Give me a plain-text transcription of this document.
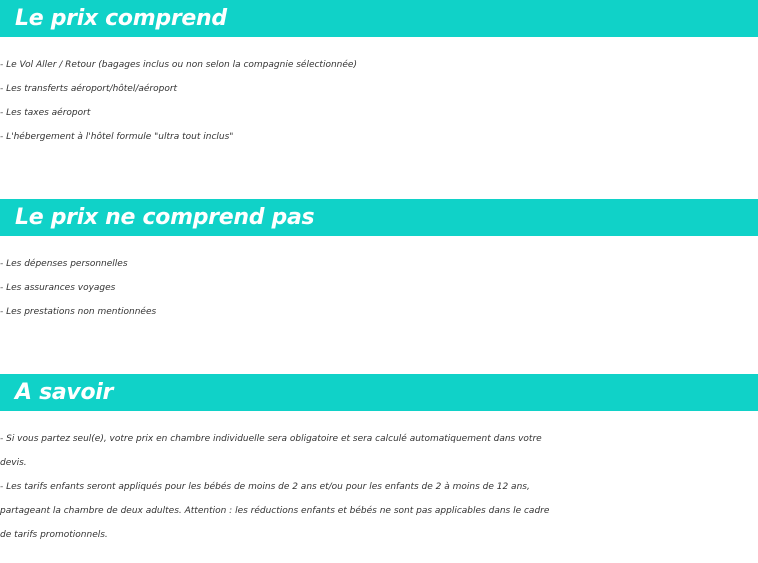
Le prix comprend
- Le Vol Aller / Retour (bagages inclus ou non selon la compagnie sélectionnée)
- Les transferts aéroport/hôtel/aéroport
- Les taxes aéroport
- L'hébergement à l'hôtel formule "ultra tout inclus"
Le prix ne comprend pas
- Les dépenses personnelles
- Les assurances voyages
- Les prestations non mentionnées
A savoir

- Si vous partez seul(e), votre prix en chambre individuelle sera obligatoire et sera calculé automatiquement dans votre
devis.

- Les tarifs enfants seront appliqués pour les bébés de moins de 2 ans et/ou pour les enfants de 2 à moins de 12 ans,
partageant la chambre de deux adultes. Attention : les réductions enfants et bébés ne sont pas applicables dans le cadre
de tarifs promotionnels.
